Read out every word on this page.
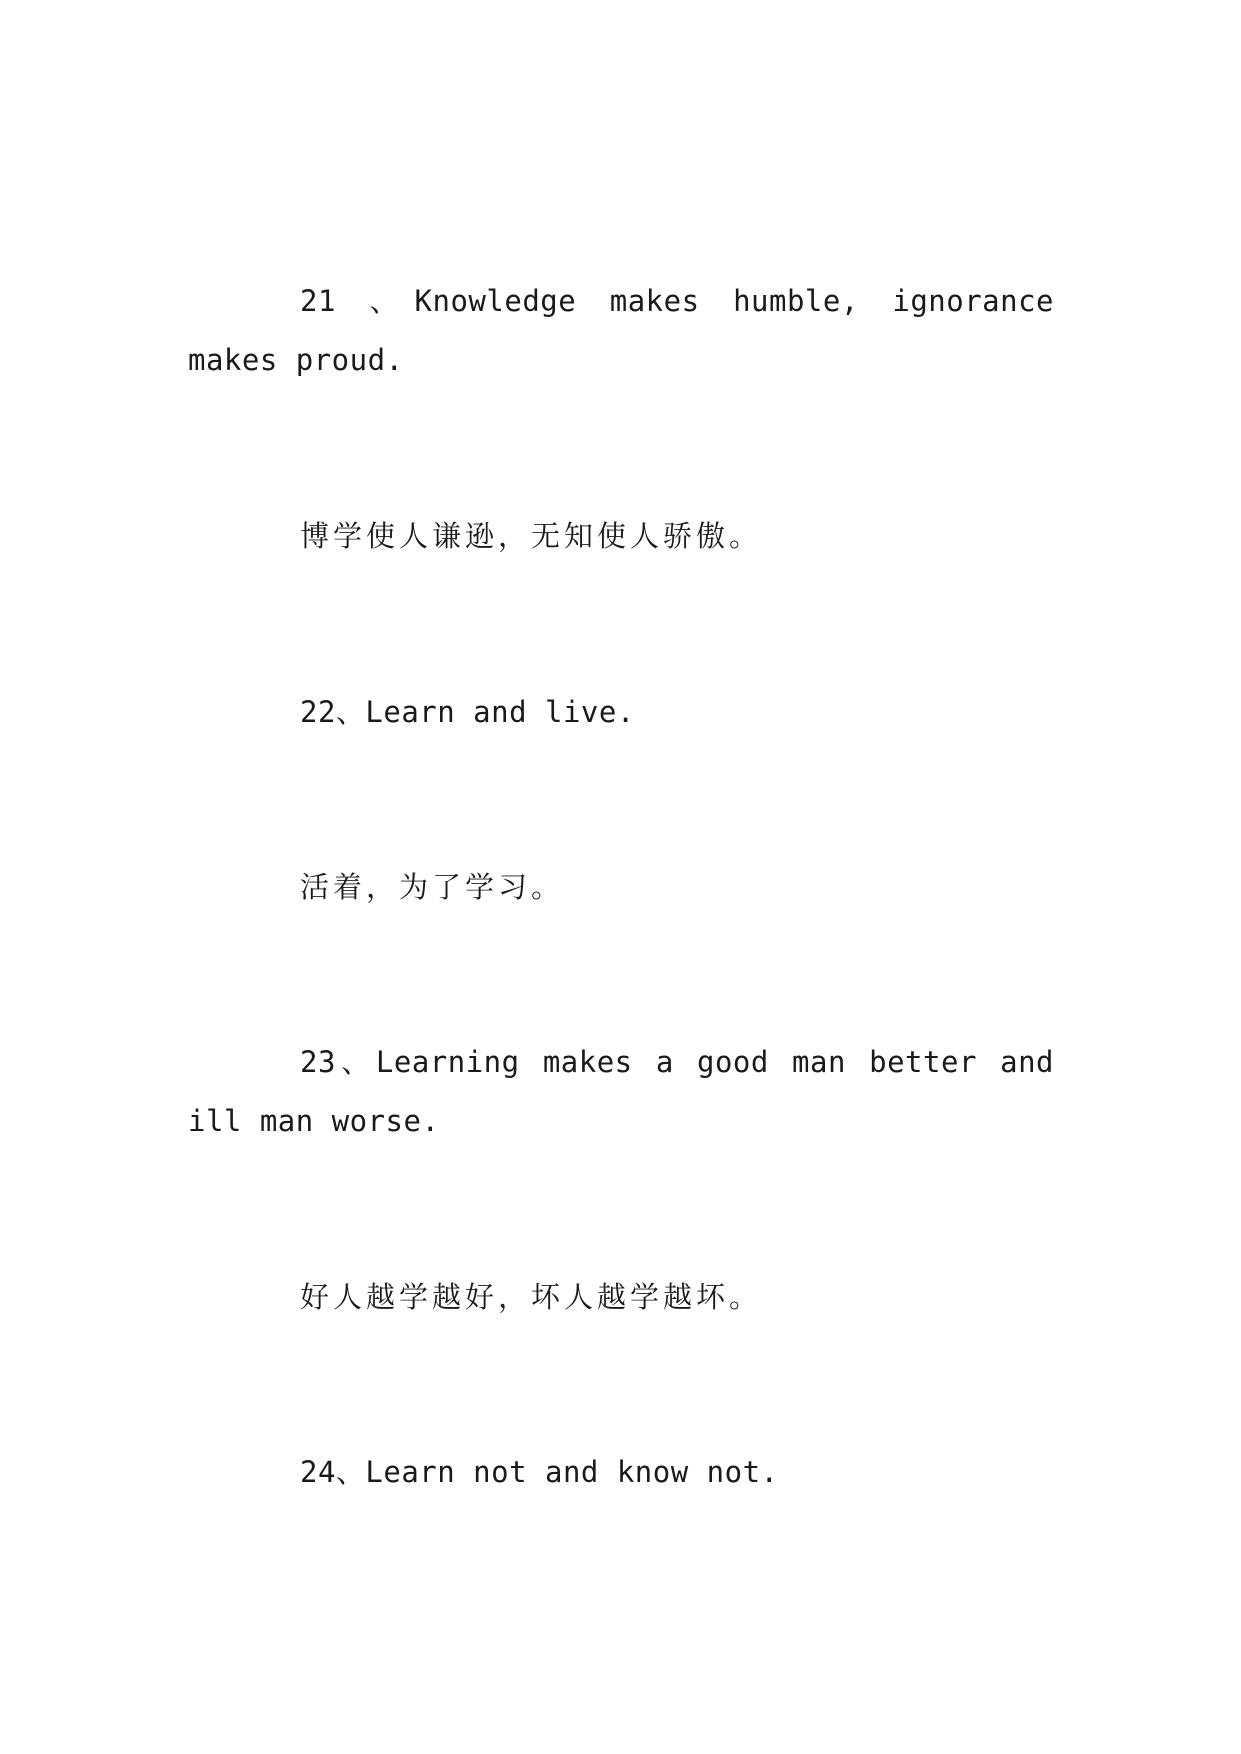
21 、Knowledge makes humble, ignorance makes proud.

博学使人谦逊，无知使人骄傲。

22、Learn and live.

活着，为了学习。

23、Learning makes a good man better and ill man worse.

好人越学越好，坏人越学越坏。

24、Learn not and know not.
